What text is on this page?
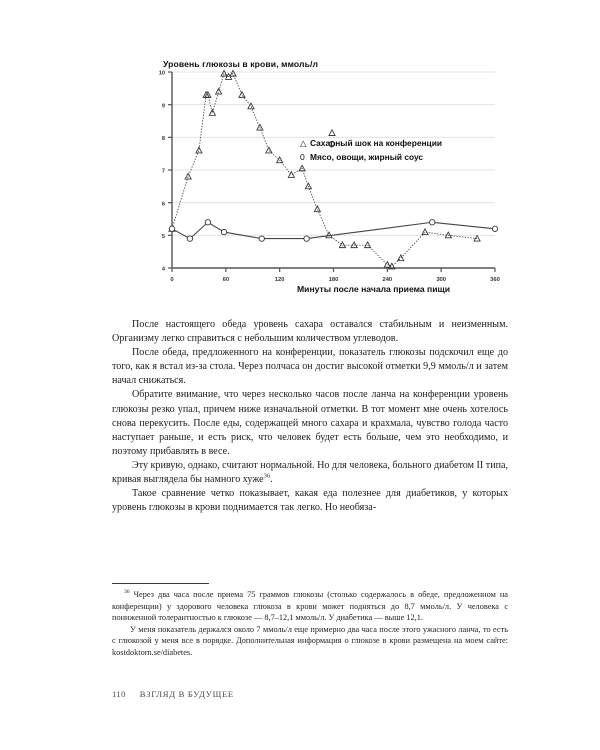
Уровень глюкозы в крови, ммоль/л
4
5
6
7
8
9
10
0	60	120	180	240	300	360
△ Сахарный шок на конференции
0 Мясо, овощи, жирный соус
Минуты после начала приема пищи

После настоящего обеда уровень сахара оставался стабильным и неизменным. Организму легко справиться с небольшим количеством углеводов.

После обеда, предложенного на конференции, показатель глюкозы подскочил еще до того, как я встал из-за стола. Через полчаса он достиг высокой отметки 9,9 ммоль/л и затем начал снижаться.

Обратите внимание, что через несколько часов после ланча на конференции уровень глюкозы резко упал, причем ниже изначальной отметки. В тот момент мне очень хотелось снова перекусить. После еды, содержащей много сахара и крахмала, чувство голода часто наступает раньше, и есть риск, что человек будет есть больше, чем это необходимо, и поэтому прибавлять в весе.

Эту кривую, однако, считают нормальной. Но для человека, больного диабетом II типа, кривая выглядела бы намного хуже$^{36}$.

Такое сравнение четко показывает, какая еда полезнее для диабетиков, у которых уровень глюкозы в крови поднимается так легко. Но необяза-

$^{36}$ Через два часа после приема 75 граммов глюкозы (столько содержалось в обеде, предложенном на конференции) у здорового человека глюкоза в крови может подняться до 8,7 ммоль/л. У человека с пониженной толерантностью к глюкозе — 8,7–12,1 ммоль/л. У диабетика — выше 12,1.

У меня показатель держался около 7 ммоль/л еще примерно два часа после этого ужасного ланча, то есть с глюкозой у меня все в порядке. Дополнительная информация о глюкозе в крови размещена на моем сайте: kostdoktorn.se/diabetes.

110 ВЗГЛЯД В БУДУЩЕЕ
